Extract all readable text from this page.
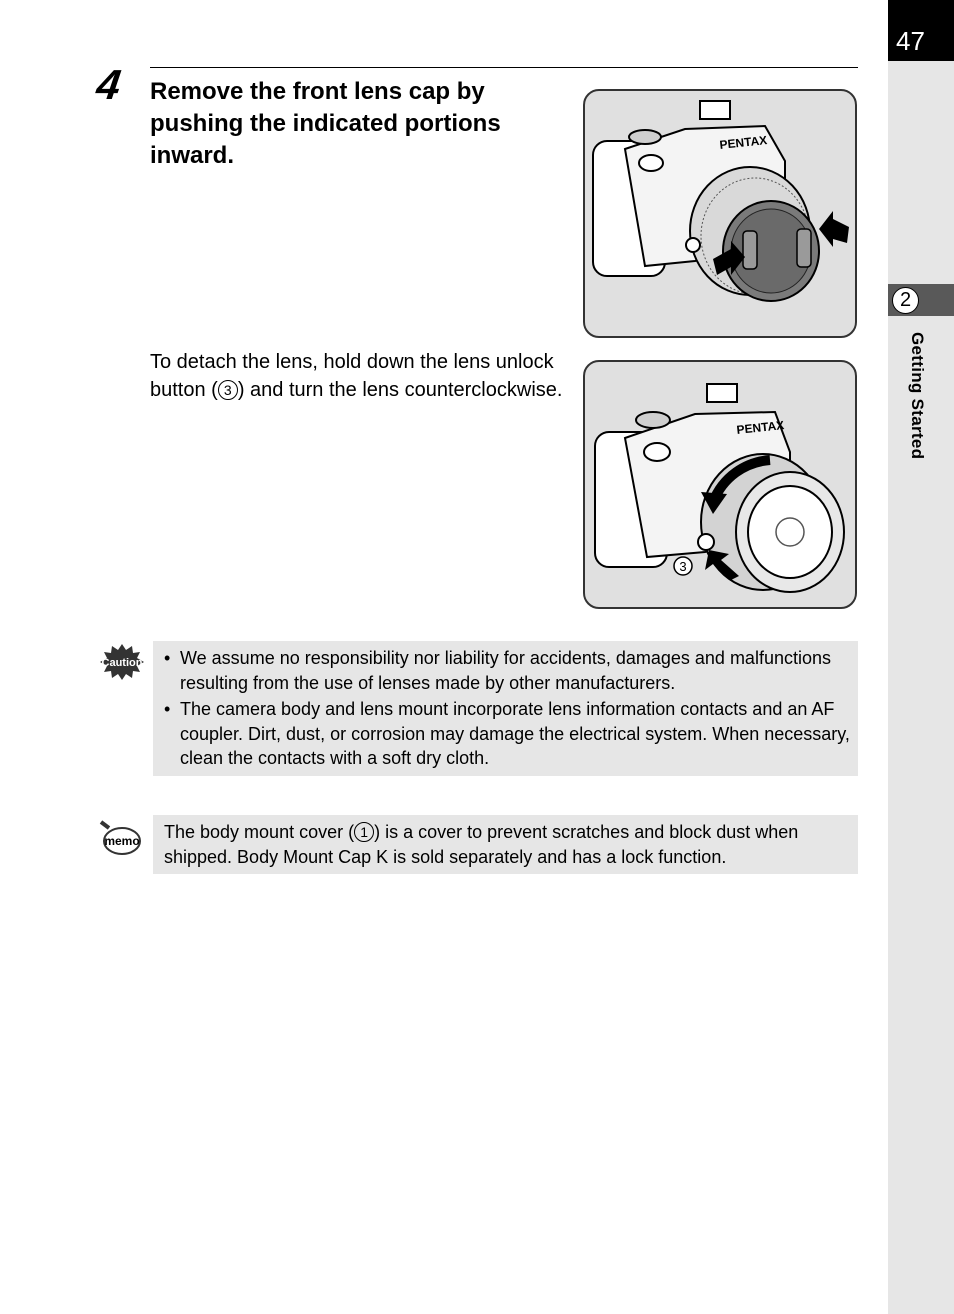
47
2
Getting Started
4 Remove the front lens cap by pushing the indicated portions inward.
To detach the lens, hold down the lens unlock button ( 3 ) and turn the lens counterclockwise.
PENTAX
PENTAX
3
Caution
•	We assume no responsibility nor liability for accidents, damages and malfunctions resulting from the use of lenses made by other manufacturers.
• The camera body and lens mount incorporate lens information contacts and an AF coupler. Dirt, dust, or corrosion may damage the electrical system. When necessary, clean the contacts with a soft dry cloth.
memo The body mount cover ( 1 ) is a cover to prevent scratches and block dust when shipped. Body Mount Cap K is sold separately and has a lock function.
